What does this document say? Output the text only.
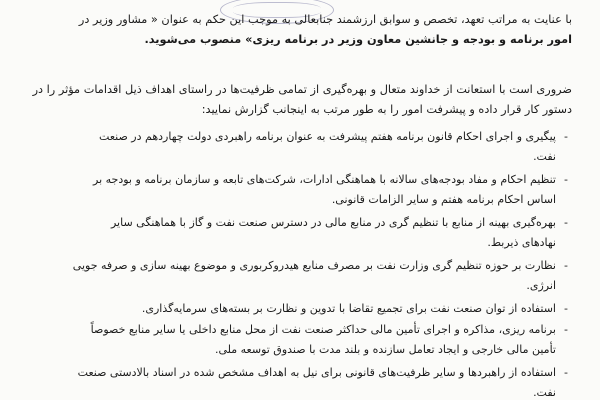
با عنایت به مراتب تعهد، تخصص و سوابق ارزشمند جنابعالی به موجب این حکم به عنوان « مشاور وزیر در
امور برنامه و بودجه و جانشین معاون وزیر در برنامه ریزی» منصوب می‌شوید.
ضروری است با استعانت از خداوند متعال و بهره‌گیری از تمامی ظرفیت‌ها در راستای اهداف ذیل اقدامات مؤثر را در
دستور کار قرار داده و پیشرفت امور را به طور مرتب به اینجانب گزارش نمایید:
-
پیگیری و اجرای احکام قانون برنامه هفتم پیشرفت به عنوان برنامه راهبردی دولت چهاردهم در صنعت
نفت.
-
تنظیم احکام و مفاد بودجه‌های سالانه با هماهنگی ادارات، شرکت‌های تابعه و سازمان برنامه و بودجه بر
اساس احکام برنامه هفتم و سایر الزامات قانونی.
-
بهره‌گیری بهینه از منابع با تنظیم گری در منابع مالی در دسترس صنعت نفت و گاز با هماهنگی سایر
نهادهای ذیربط.
-
نظارت بر حوزه تنظیم گری وزارت نفت بر مصرف منابع هیدروکربوری و موضوع بهینه سازی و صرفه جویی
انرژی.
-
استفاده از توان صنعت نفت برای تجمیع تقاضا با تدوین و نظارت بر بسته‌های سرمایه‌گذاری.
-
برنامه ریزی، مذاکره و اجرای تأمین مالی حداکثر صنعت نفت از محل منابع داخلی یا سایر منابع خصوصاً
تأمین مالی خارجی و ایجاد تعامل سازنده و بلند مدت با صندوق توسعه ملی.
-
استفاده از راهبردها و سایر ظرفیت‌های قانونی برای نیل به اهداف مشخص شده در اسناد بالادستی صنعت
نفت.
